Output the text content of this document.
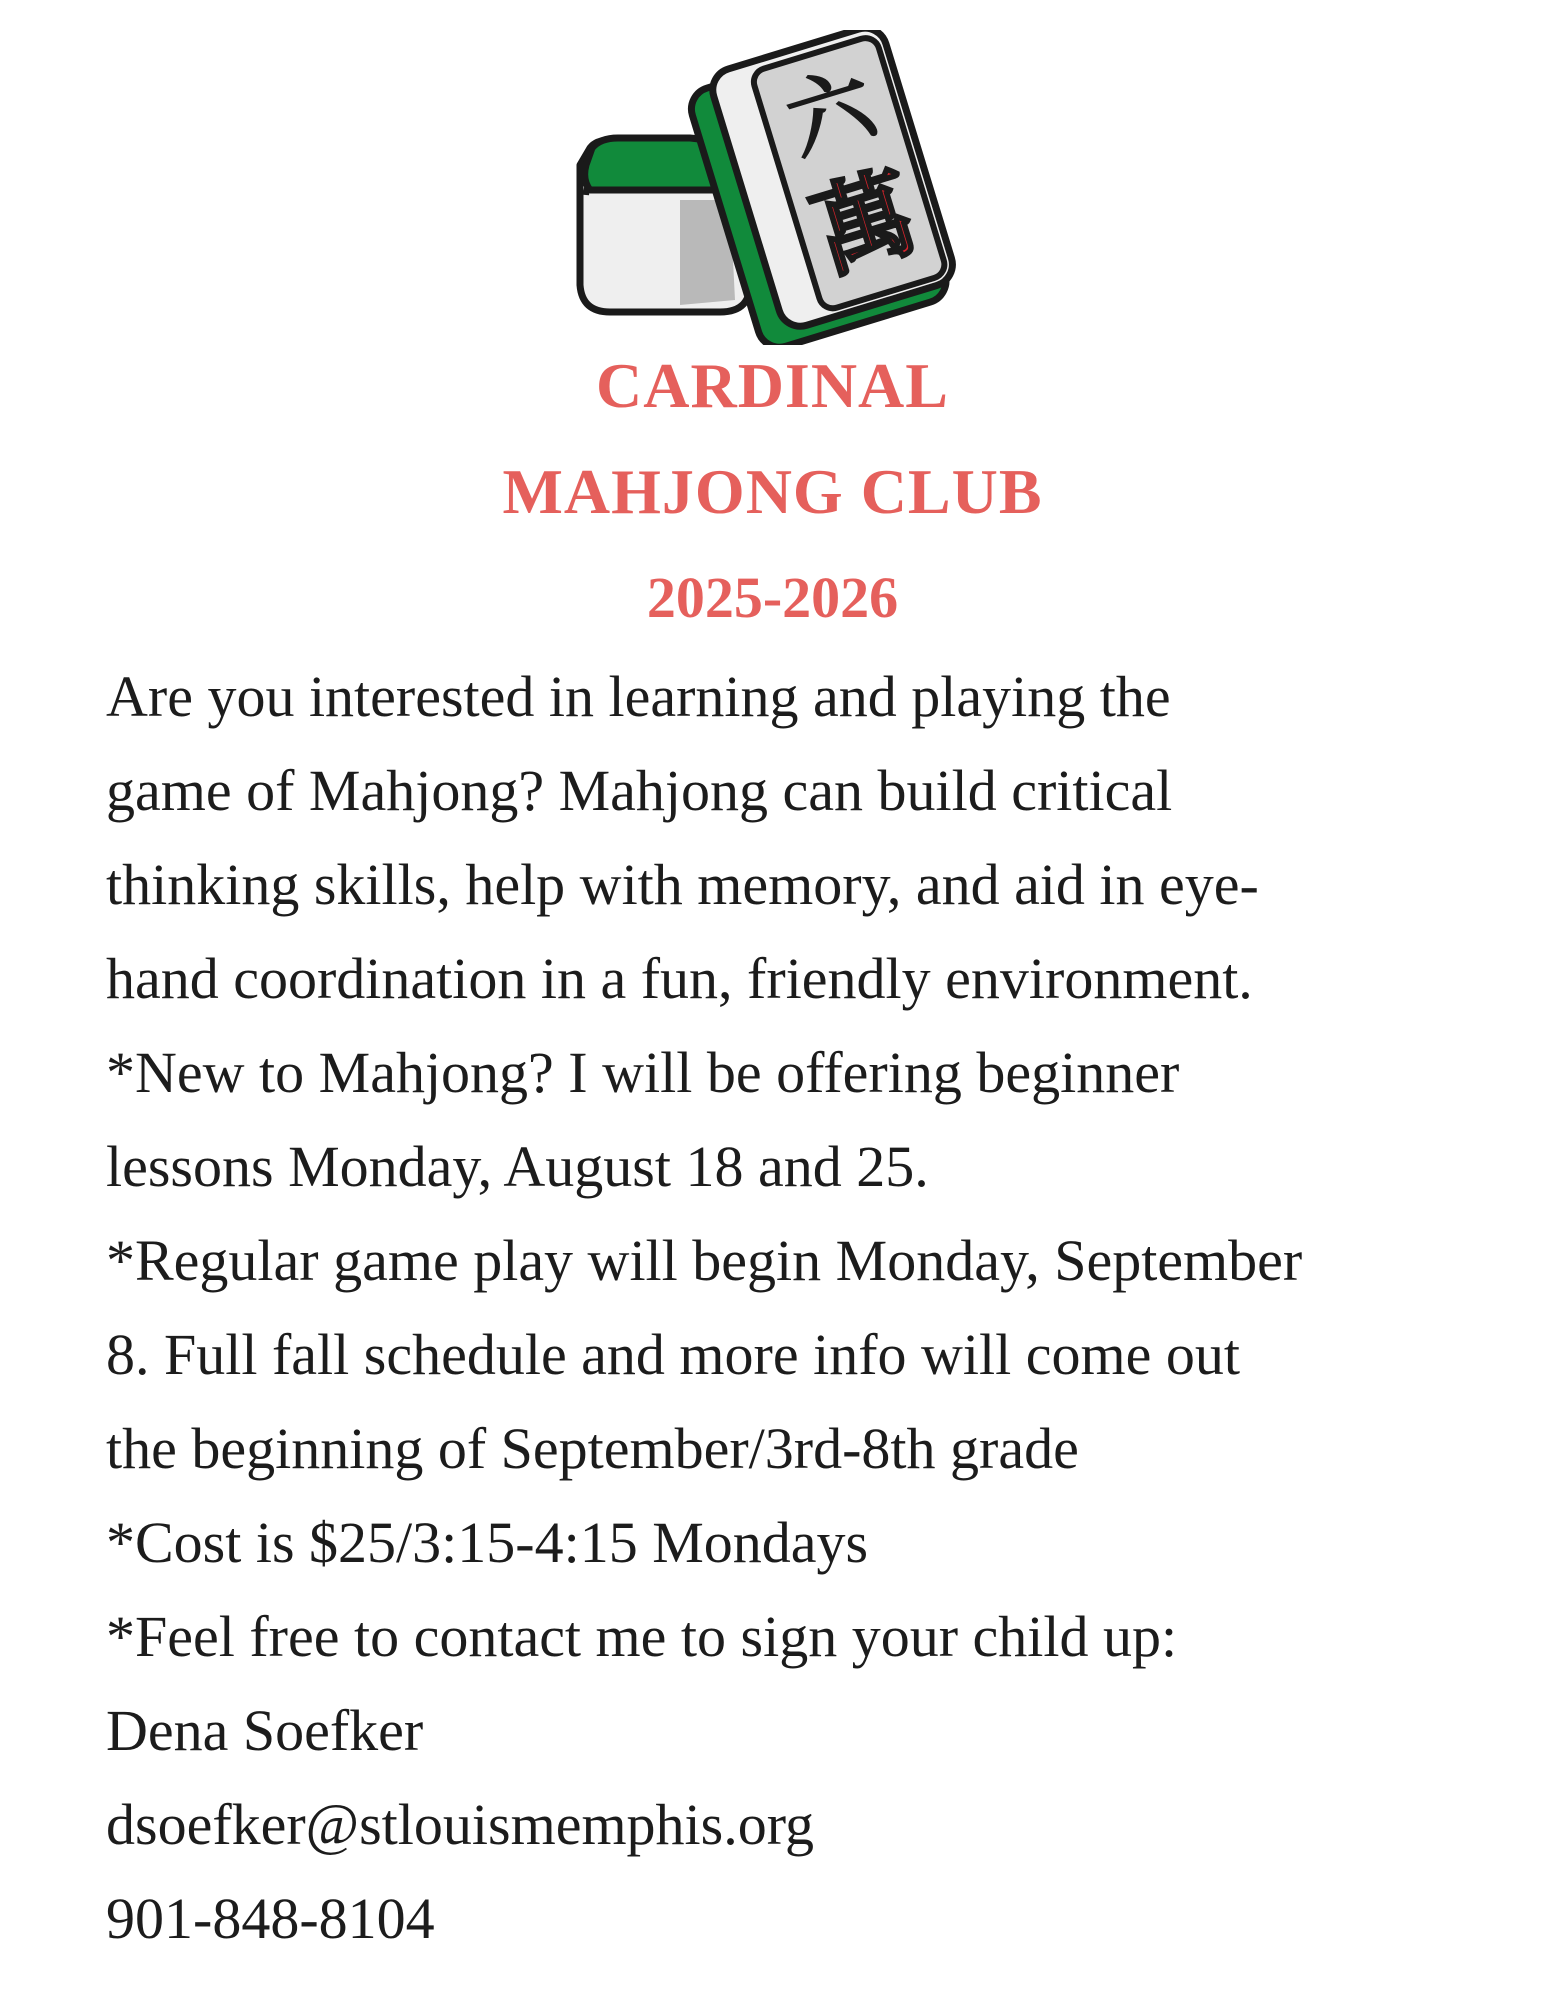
六
萬
CARDINAL
MAHJONG CLUB
2025-2026
Are you interested in learning and playing the
game of Mahjong? Mahjong can build critical
thinking skills, help with memory, and aid in eye-
hand coordination in a fun, friendly environment.
*New to Mahjong? I will be offering beginner
lessons Monday, August 18 and 25.
*Regular game play will begin Monday, September
8. Full fall schedule and more info will come out
the beginning of September/3rd-8th grade
*Cost is $25/3:15-4:15 Mondays
*Feel free to contact me to sign your child up:
Dena Soefker
dsoefker@stlouismemphis.org
901-848-8104
